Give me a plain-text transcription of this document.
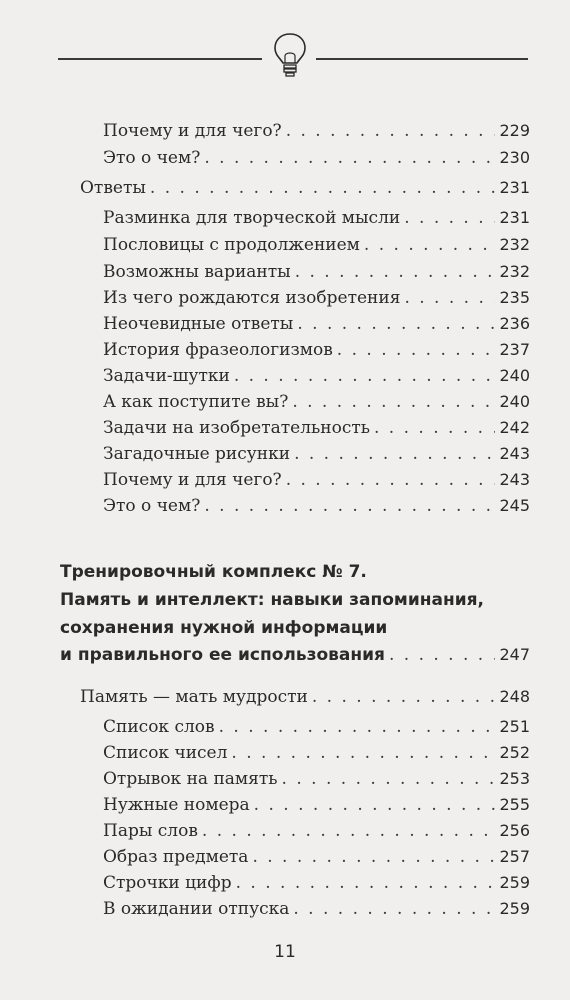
Почему и для чего? . . .	229
Это о чем? . . .	230
Ответы . . .	231
Разминка для творческой мысли . . .	231
Пословицы с продолжением . . .	232
Возможны варианты . . .	232
Из чего рождаются изобретения . . .	235
Неочевидные ответы . . .	236
История фразеологизмов . . .	237
Задачи-шутки . . .	240
А как поступите вы? . . .	240
Задачи на изобретательность . . .	242
Загадочные рисунки . . .	243
Почему и для чего? . . .	243
Это о чем? . . .	245
Тренировочный комплекс № 7.
Память и интеллект: навыки запоминания,
сохранения нужной информации
и правильного ее использования . . .	247
Память — мать мудрости . . .	248
Список слов . . .	251
Список чисел . . .	252
Отрывок на память . . .	253
Нужные номера . . .	255
Пары слов . . .	256
Образ предмета . . .	257
Строчки цифр . . .	259
В ожидании отпуска . . .	259
11
